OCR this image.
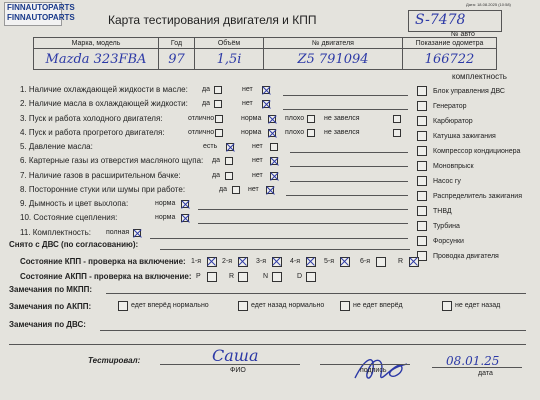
FINNAUTOPARTS
FINNAUTOPARTS
Дата: 18.08.2025 (10:58)
Карта тестирования двигателя и КПП	S-7478
№ авто
Марка, модель	Год	Объём	№ двигателя	Показание одометра
Mazda 323FBA	97	1,5i	Z5 791094	166722
комплектность
1. Наличие охлаждающей жидкости в масле: да	нет
2. Наличие масла в охлаждающей жидкости: да	нет
3. Пуск и работа холодного двигателя:	отлично	норма	плохо	не завелся
4. Пуск и работа прогретого двигателя:	отлично	норма	плохо	не завелся
5. Давление масла:	есть	нет
6. Картерные газы из отверстия масляного щупа: да	нет
7. Наличие газов в расширительном бачке:	да	нет
8. Посторонние стуки или шумы при работе:	да	нет
9. Дымность и цвет выхлопа:	норма
10. Состояние сцепления:	норма
11. Комплектность: полная
Блок управления ДВС
Генератор
Карбюратор
Катушка зажигания
Компрессор кондиционера
Моновпрыск
Насос гу
Распределитель зажигания
ТНВД
Турбина
Форсунки
Проводка двигателя
Снято с ДВС (по согласованию):
Состояние КПП - проверка на включение: 1-я	2-я	3-я	4-я	5-я	6-я	R
Состояние АКПП - проверка на включение: P	R	N	D
Замечания по МКПП:
Замечания по АКПП:	едет вперёд нормально	едет назад нормально	не едет вперёд	не едет назад
Замечания по ДВС:
Тестировал:	Саша
ФИО	подпись
08.01.25
дата
